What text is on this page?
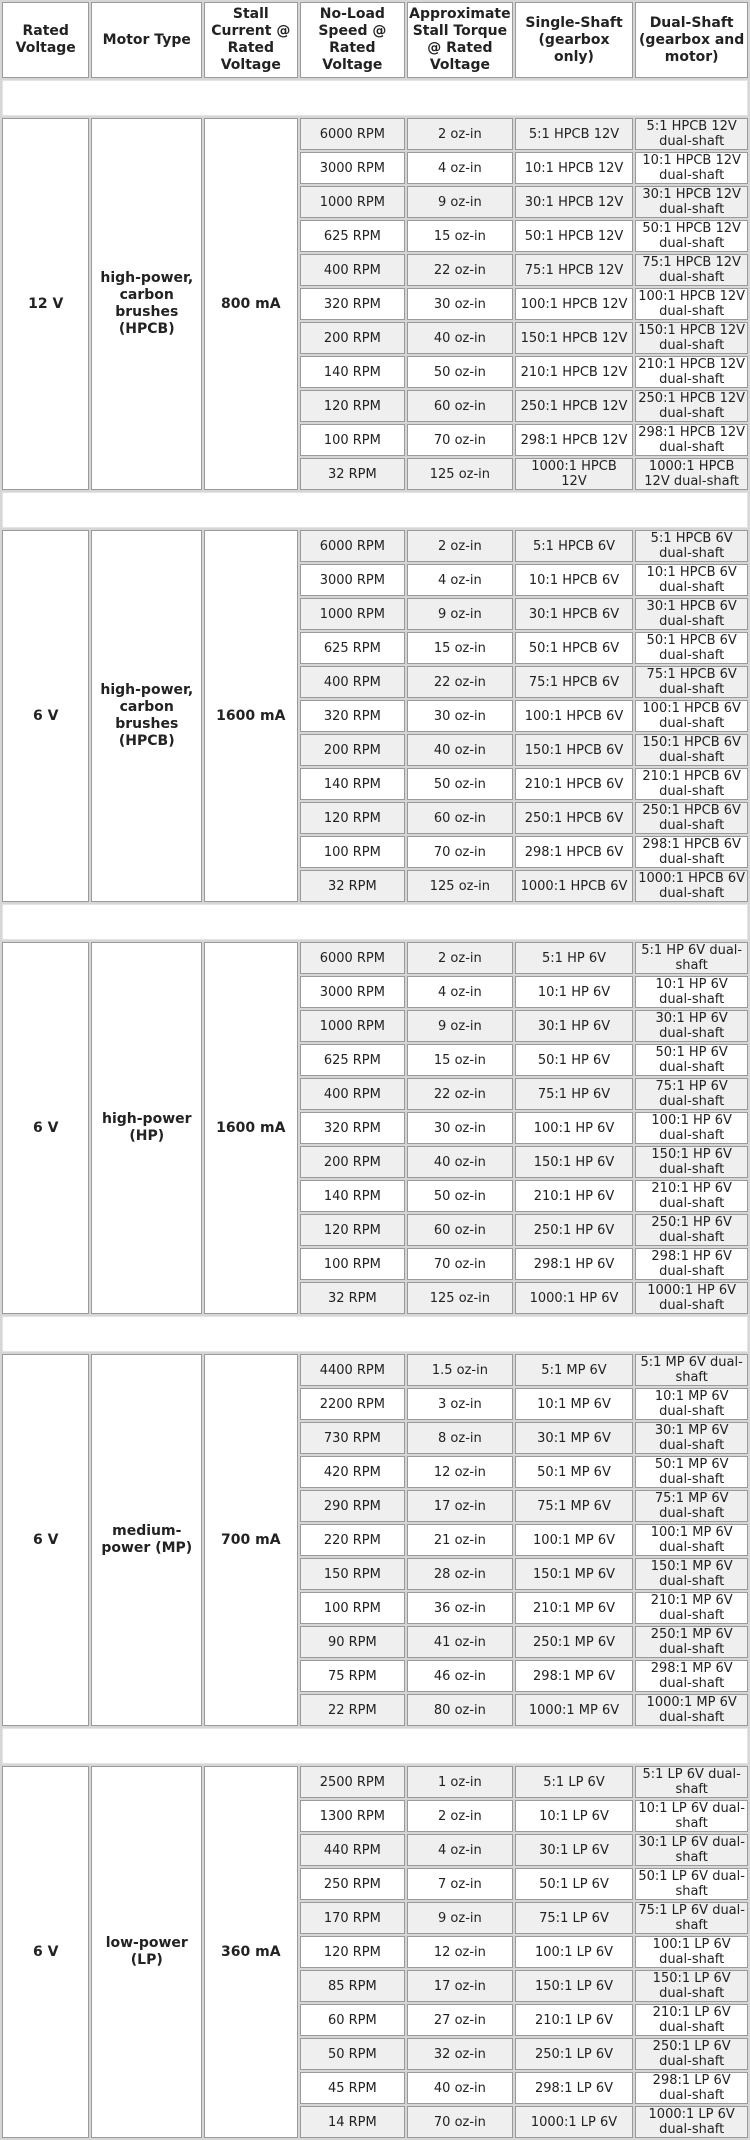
Rated Voltage	Motor Type	Stall Current @ Rated Voltage	No-Load Speed @ Rated Voltage	Approximate Stall Torque @ Rated Voltage	Single-Shaft (gearbox only)	Dual-Shaft (gearbox and motor)

12 V	high-power, carbon brushes (HPCB)	800 mA	6000 RPM	2 oz-in	5:1 HPCB 12V	5:1 HPCB 12V dual-shaft
			3000 RPM	4 oz-in	10:1 HPCB 12V	10:1 HPCB 12V dual-shaft
			1000 RPM	9 oz-in	30:1 HPCB 12V	30:1 HPCB 12V dual-shaft
			625 RPM	15 oz-in	50:1 HPCB 12V	50:1 HPCB 12V dual-shaft
			400 RPM	22 oz-in	75:1 HPCB 12V	75:1 HPCB 12V dual-shaft
			320 RPM	30 oz-in	100:1 HPCB 12V	100:1 HPCB 12V dual-shaft
			200 RPM	40 oz-in	150:1 HPCB 12V	150:1 HPCB 12V dual-shaft
			140 RPM	50 oz-in	210:1 HPCB 12V	210:1 HPCB 12V dual-shaft
			120 RPM	60 oz-in	250:1 HPCB 12V	250:1 HPCB 12V dual-shaft
			100 RPM	70 oz-in	298:1 HPCB 12V	298:1 HPCB 12V dual-shaft
			32 RPM	125 oz-in	1000:1 HPCB 12V	1000:1 HPCB 12V dual-shaft

6 V	high-power, carbon brushes (HPCB)	1600 mA	6000 RPM	2 oz-in	5:1 HPCB 6V	5:1 HPCB 6V dual-shaft
			3000 RPM	4 oz-in	10:1 HPCB 6V	10:1 HPCB 6V dual-shaft
			1000 RPM	9 oz-in	30:1 HPCB 6V	30:1 HPCB 6V dual-shaft
			625 RPM	15 oz-in	50:1 HPCB 6V	50:1 HPCB 6V dual-shaft
			400 RPM	22 oz-in	75:1 HPCB 6V	75:1 HPCB 6V dual-shaft
			320 RPM	30 oz-in	100:1 HPCB 6V	100:1 HPCB 6V dual-shaft
			200 RPM	40 oz-in	150:1 HPCB 6V	150:1 HPCB 6V dual-shaft
			140 RPM	50 oz-in	210:1 HPCB 6V	210:1 HPCB 6V dual-shaft
			120 RPM	60 oz-in	250:1 HPCB 6V	250:1 HPCB 6V dual-shaft
			100 RPM	70 oz-in	298:1 HPCB 6V	298:1 HPCB 6V dual-shaft
			32 RPM	125 oz-in	1000:1 HPCB 6V	1000:1 HPCB 6V dual-shaft

6 V	high-power (HP)	1600 mA	6000 RPM	2 oz-in	5:1 HP 6V	5:1 HP 6V dual-shaft
			3000 RPM	4 oz-in	10:1 HP 6V	10:1 HP 6V dual-shaft
			1000 RPM	9 oz-in	30:1 HP 6V	30:1 HP 6V dual-shaft
			625 RPM	15 oz-in	50:1 HP 6V	50:1 HP 6V dual-shaft
			400 RPM	22 oz-in	75:1 HP 6V	75:1 HP 6V dual-shaft
			320 RPM	30 oz-in	100:1 HP 6V	100:1 HP 6V dual-shaft
			200 RPM	40 oz-in	150:1 HP 6V	150:1 HP 6V dual-shaft
			140 RPM	50 oz-in	210:1 HP 6V	210:1 HP 6V dual-shaft
			120 RPM	60 oz-in	250:1 HP 6V	250:1 HP 6V dual-shaft
			100 RPM	70 oz-in	298:1 HP 6V	298:1 HP 6V dual-shaft
			32 RPM	125 oz-in	1000:1 HP 6V	1000:1 HP 6V dual-shaft

6 V	medium-power (MP)	700 mA	4400 RPM	1.5 oz-in	5:1 MP 6V	5:1 MP 6V dual-shaft
			2200 RPM	3 oz-in	10:1 MP 6V	10:1 MP 6V dual-shaft
			730 RPM	8 oz-in	30:1 MP 6V	30:1 MP 6V dual-shaft
			420 RPM	12 oz-in	50:1 MP 6V	50:1 MP 6V dual-shaft
			290 RPM	17 oz-in	75:1 MP 6V	75:1 MP 6V dual-shaft
			220 RPM	21 oz-in	100:1 MP 6V	100:1 MP 6V dual-shaft
			150 RPM	28 oz-in	150:1 MP 6V	150:1 MP 6V dual-shaft
			100 RPM	36 oz-in	210:1 MP 6V	210:1 MP 6V dual-shaft
			90 RPM	41 oz-in	250:1 MP 6V	250:1 MP 6V dual-shaft
			75 RPM	46 oz-in	298:1 MP 6V	298:1 MP 6V dual-shaft
			22 RPM	80 oz-in	1000:1 MP 6V	1000:1 MP 6V dual-shaft

6 V	low-power (LP)	360 mA	2500 RPM	1 oz-in	5:1 LP 6V	5:1 LP 6V dual-shaft
			1300 RPM	2 oz-in	10:1 LP 6V	10:1 LP 6V dual-shaft
			440 RPM	4 oz-in	30:1 LP 6V	30:1 LP 6V dual-shaft
			250 RPM	7 oz-in	50:1 LP 6V	50:1 LP 6V dual-shaft
			170 RPM	9 oz-in	75:1 LP 6V	75:1 LP 6V dual-shaft
			120 RPM	12 oz-in	100:1 LP 6V	100:1 LP 6V dual-shaft
			85 RPM	17 oz-in	150:1 LP 6V	150:1 LP 6V dual-shaft
			60 RPM	27 oz-in	210:1 LP 6V	210:1 LP 6V dual-shaft
			50 RPM	32 oz-in	250:1 LP 6V	250:1 LP 6V dual-shaft
			45 RPM	40 oz-in	298:1 LP 6V	298:1 LP 6V dual-shaft
			14 RPM	70 oz-in	1000:1 LP 6V	1000:1 LP 6V dual-shaft
